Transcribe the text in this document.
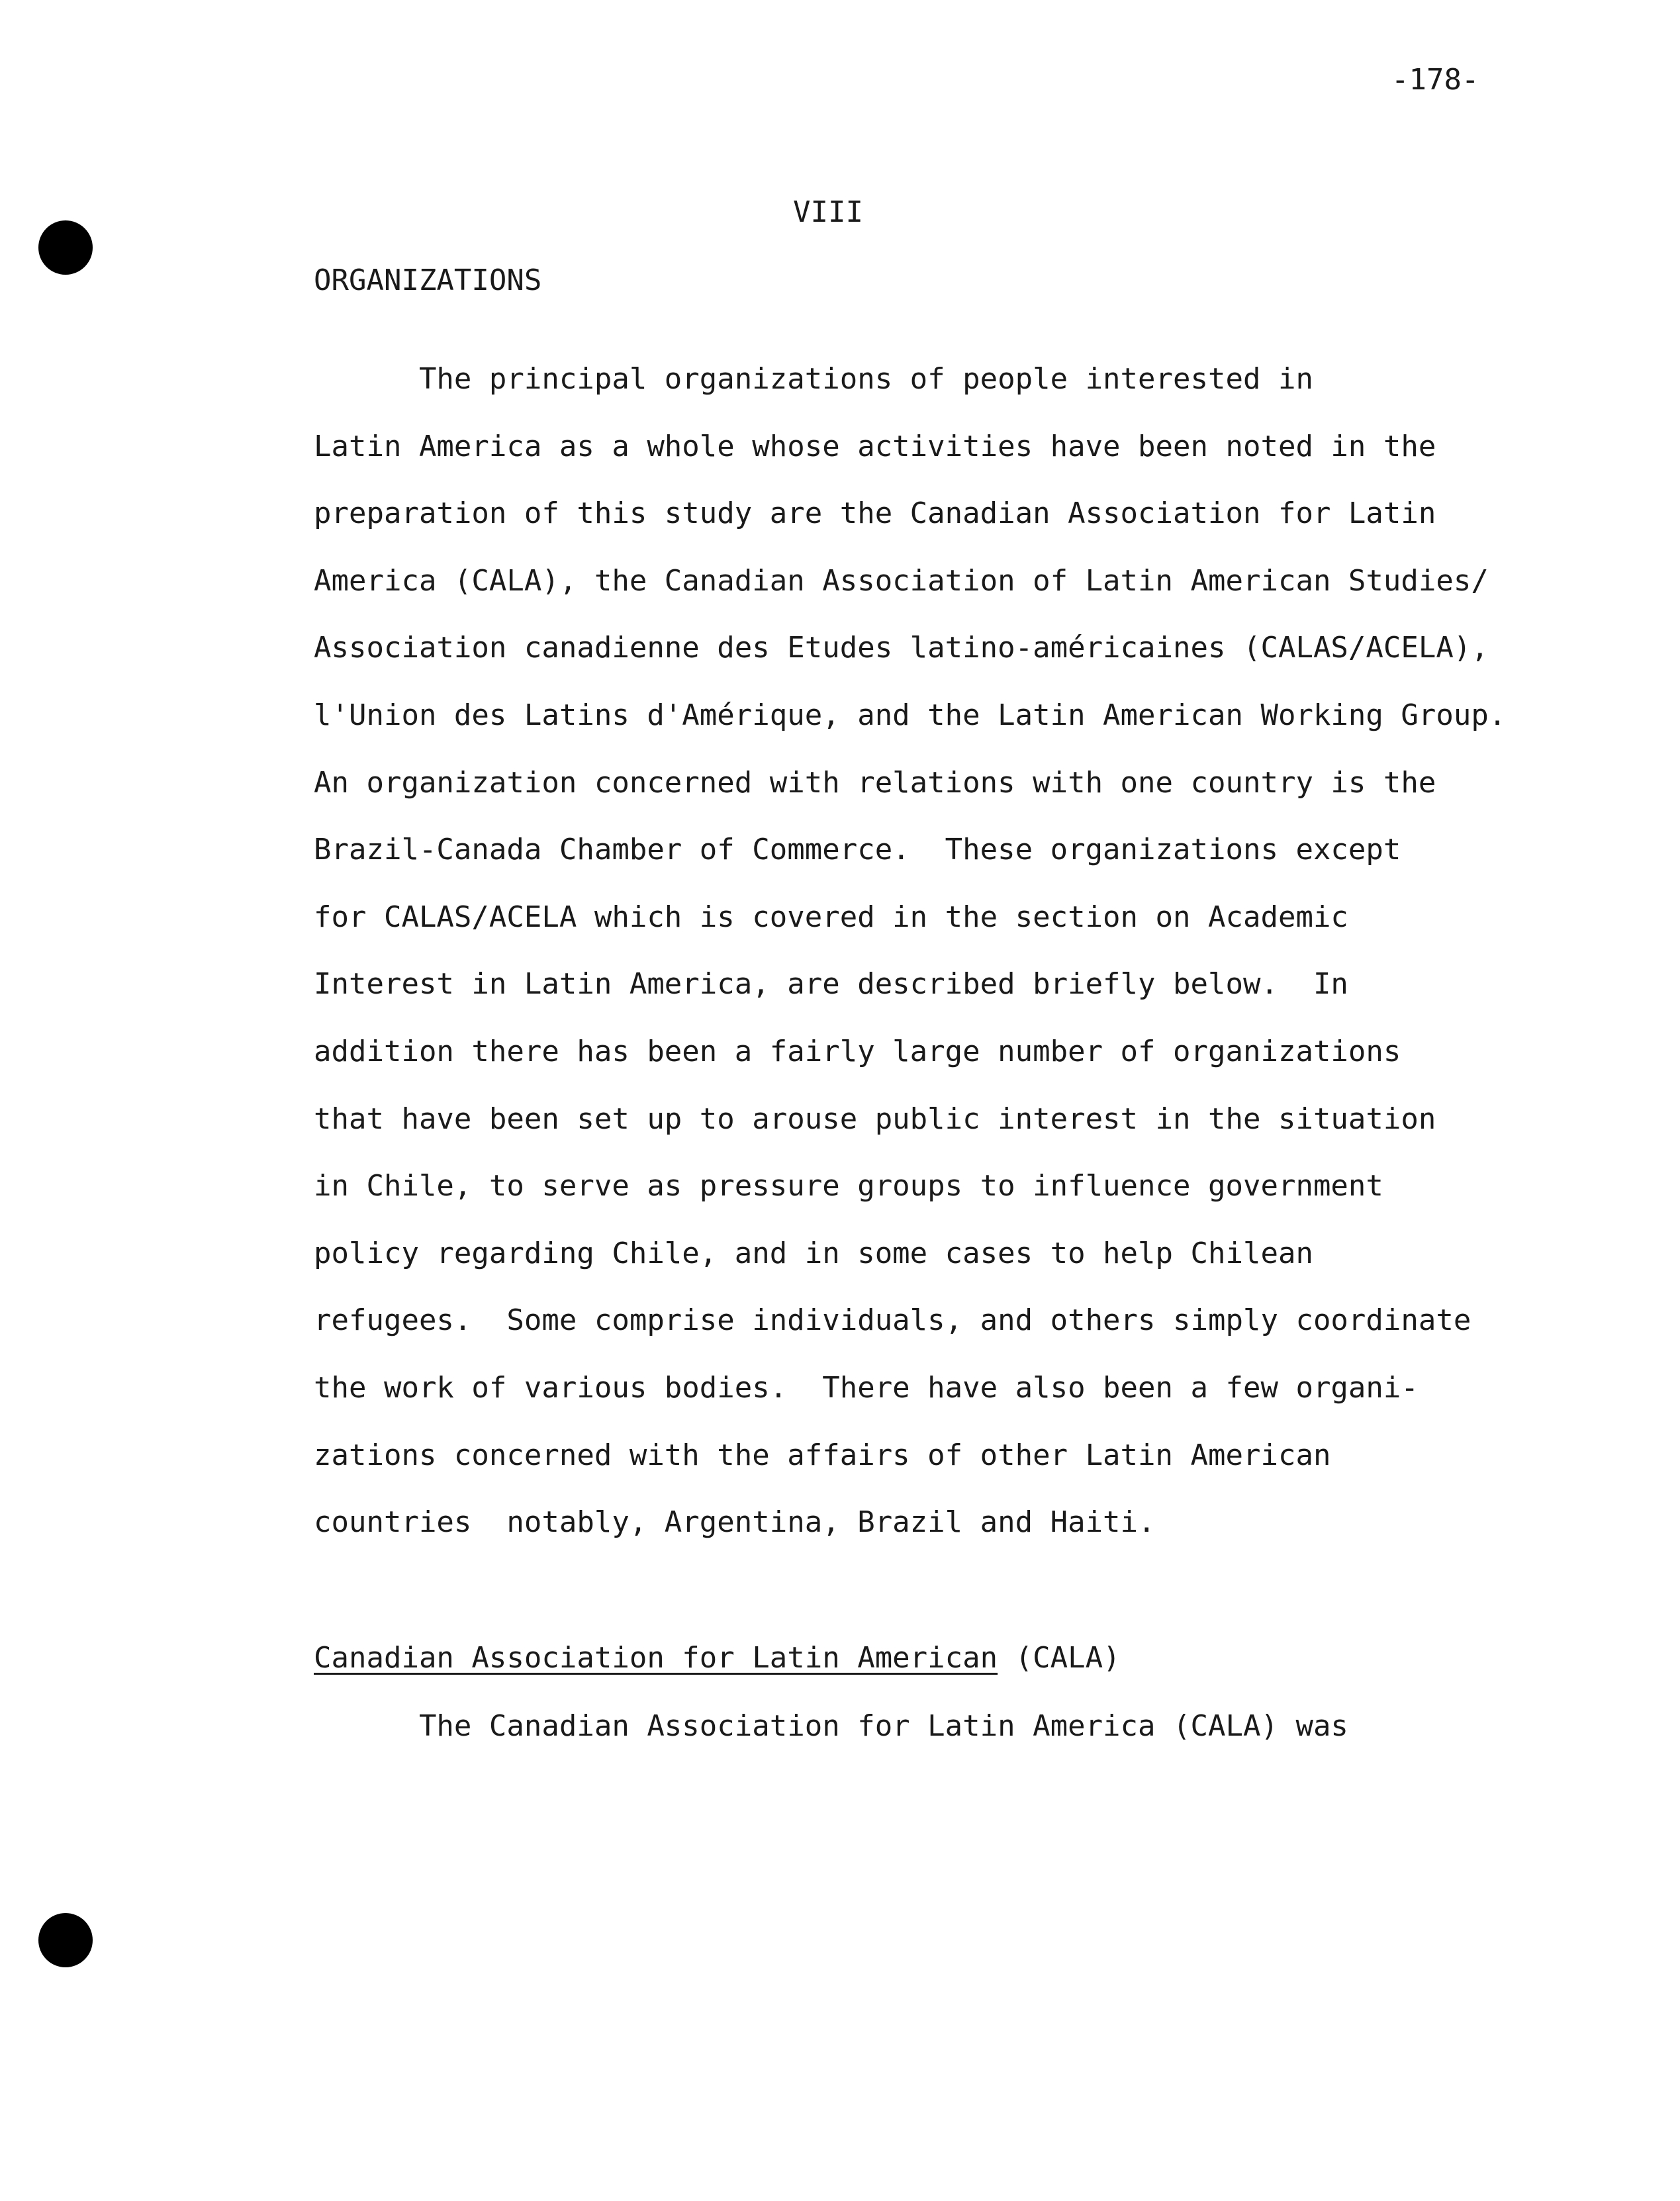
-178-
VIII
ORGANIZATIONS
The principal organizations of people interested in
Latin America as a whole whose activities have been noted in the
preparation of this study are the Canadian Association for Latin
America (CALA), the Canadian Association of Latin American Studies/
Association canadienne des Etudes latino-américaines (CALAS/ACELA),
l'Union des Latins d'Amérique, and the Latin American Working Group.
An organization concerned with relations with one country is the
Brazil-Canada Chamber of Commerce.  These organizations except
for CALAS/ACELA which is covered in the section on Academic
Interest in Latin America, are described briefly below.  In
addition there has been a fairly large number of organizations
that have been set up to arouse public interest in the situation
in Chile, to serve as pressure groups to influence government
policy regarding Chile, and in some cases to help Chilean
refugees.  Some comprise individuals, and others simply coordinate
the work of various bodies.  There have also been a few organi-
zations concerned with the affairs of other Latin American
countries  notably, Argentina, Brazil and Haiti.
Canadian Association for Latin American (CALA)
The Canadian Association for Latin America (CALA) was
